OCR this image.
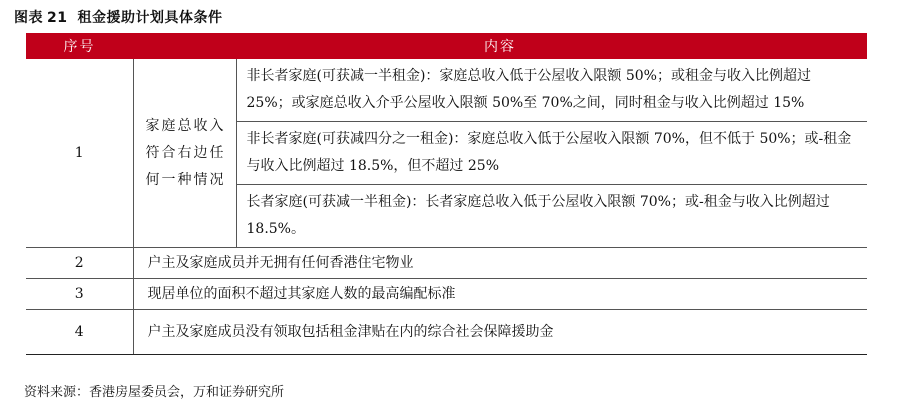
图表 21 租金援助计划具体条件
序号	内容	
1	家庭总收入符合右边任何一种情况	非长者家庭(可获减一半租金)：家庭总收入低于公屋收入限额 50%；或租金与收入比例超过 25%；或家庭总收入介乎公屋收入限额 50%至 70%之间，同时租金与收入比例超过 15%
		非长者家庭(可获减四分之一租金)：家庭总收入低于公屋收入限额 70%，但不低于 50%；或-租金与收入比例超过 18.5%，但不超过 25%
		长者家庭(可获减一半租金)：长者家庭总收入低于公屋收入限额 70%；或-租金与收入比例超过 18.5%。
2	户主及家庭成员并无拥有任何香港住宅物业	
3	现居单位的面积不超过其家庭人数的最高编配标准	
4	户主及家庭成员没有领取包括租金津贴在内的综合社会保障援助金	
资料来源：香港房屋委员会，万和证券研究所
